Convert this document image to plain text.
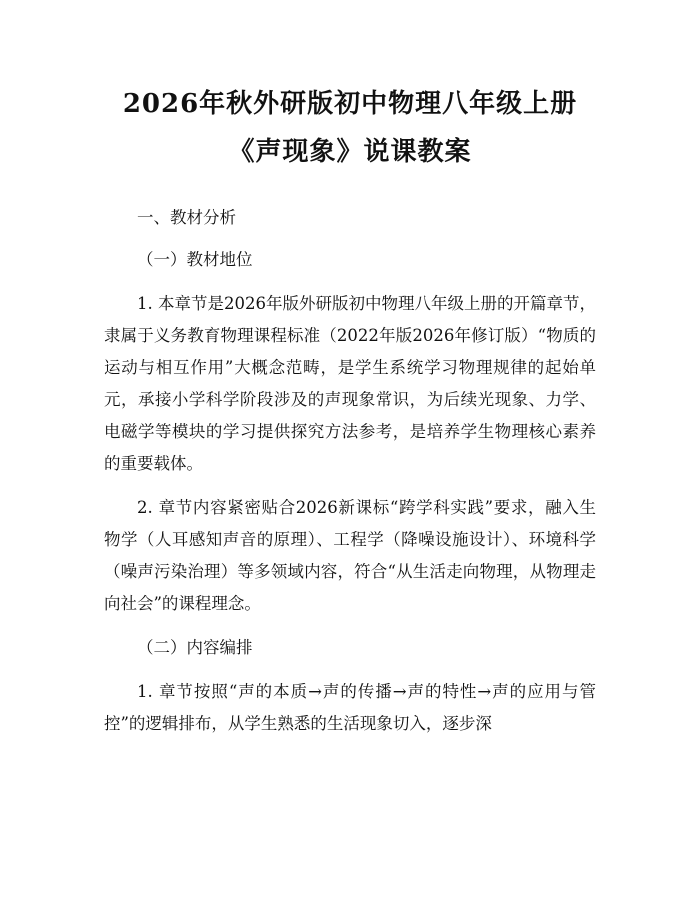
2026年秋外研版初中物理八年级上册《声现象》说课教案

一、教材分析

（一）教材地位

1. 本章节是2026年版外研版初中物理八年级上册的开篇章节，隶属于义务教育物理课程标准（2022年版2026年修订版）“物质的运动与相互作用”大概念范畴，是学生系统学习物理规律的起始单元，承接小学科学阶段涉及的声现象常识，为后续光现象、力学、电磁学等模块的学习提供探究方法参考，是培养学生物理核心素养的重要载体。

2. 章节内容紧密贴合2026新课标“跨学科实践”要求，融入生物学（人耳感知声音的原理）、工程学（降噪设施设计）、环境科学（噪声污染治理）等多领域内容，符合“从生活走向物理，从物理走向社会”的课程理念。

（二）内容编排

1. 章节按照“声的本质→声的传播→声的特性→声的应用与管控”的逻辑排布，从学生熟悉的生活现象切入，逐步深
